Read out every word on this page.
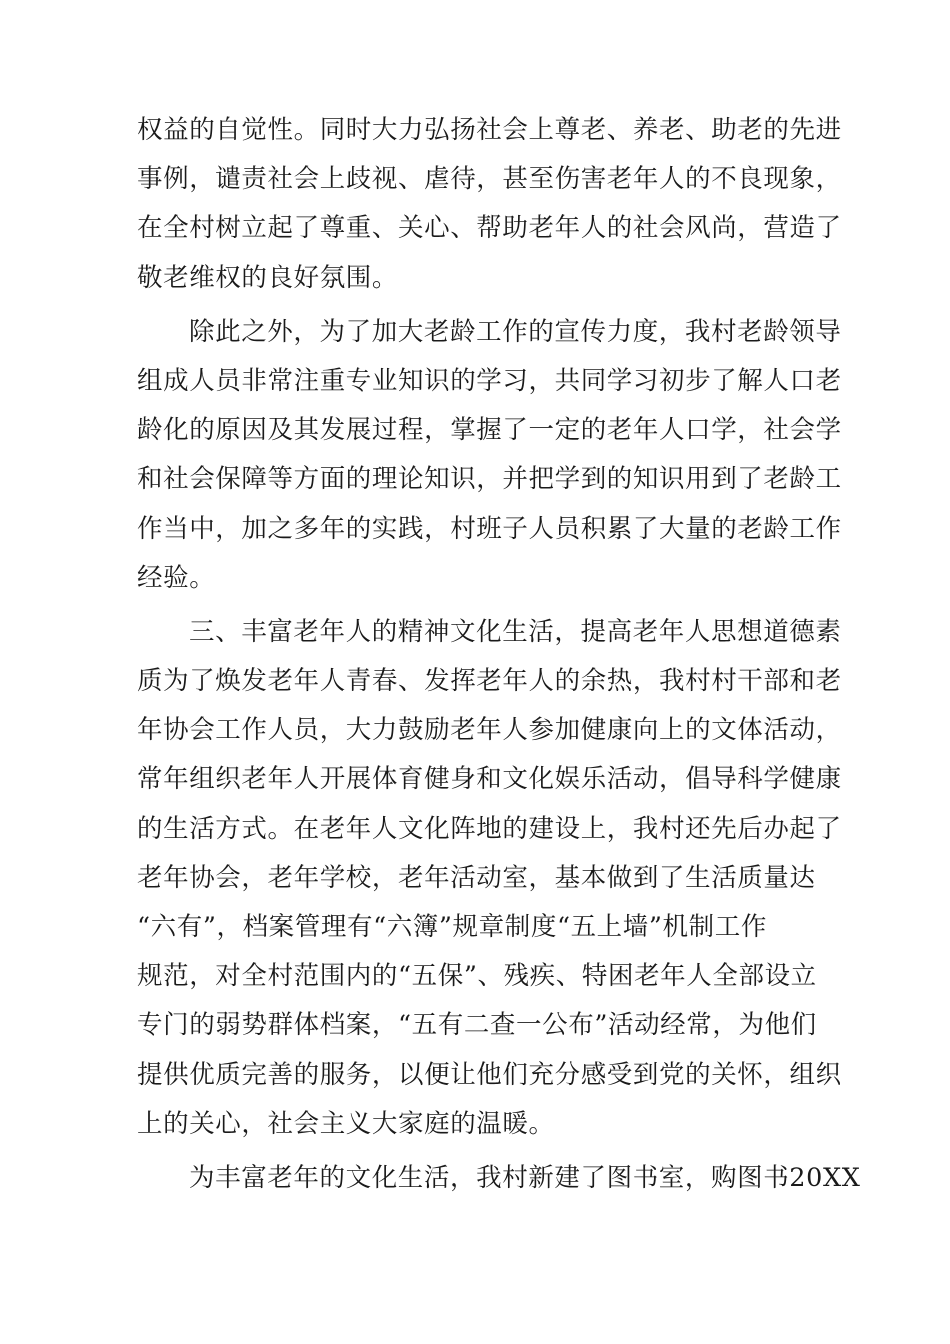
权益的自觉性。同时大力弘扬社会上尊老、养老、助老的先进
事例，谴责社会上歧视、虐待，甚至伤害老年人的不良现象，
在全村树立起了尊重、关心、帮助老年人的社会风尚，营造了
敬老维权的良好氛围。
除此之外，为了加大老龄工作的宣传力度，我村老龄领导
组成人员非常注重专业知识的学习，共同学习初步了解人口老
龄化的原因及其发展过程，掌握了一定的老年人口学，社会学
和社会保障等方面的理论知识，并把学到的知识用到了老龄工
作当中，加之多年的实践，村班子人员积累了大量的老龄工作
经验。
三、丰富老年人的精神文化生活，提高老年人思想道德素
质为了焕发老年人青春、发挥老年人的余热，我村村干部和老
年协会工作人员，大力鼓励老年人参加健康向上的文体活动，
常年组织老年人开展体育健身和文化娱乐活动，倡导科学健康
的生活方式。在老年人文化阵地的建设上，我村还先后办起了
老年协会，老年学校，老年活动室，基本做到了生活质量达
“六有”，档案管理有“六簿”规章制度“五上墙”机制工作
规范，对全村范围内的“五保”、残疾、特困老年人全部设立
专门的弱势群体档案，“五有二查一公布”活动经常，为他们
提供优质完善的服务，以便让他们充分感受到党的关怀，组织
上的关心，社会主义大家庭的温暖。
为丰富老年的文化生活，我村新建了图书室，购图书20XX
